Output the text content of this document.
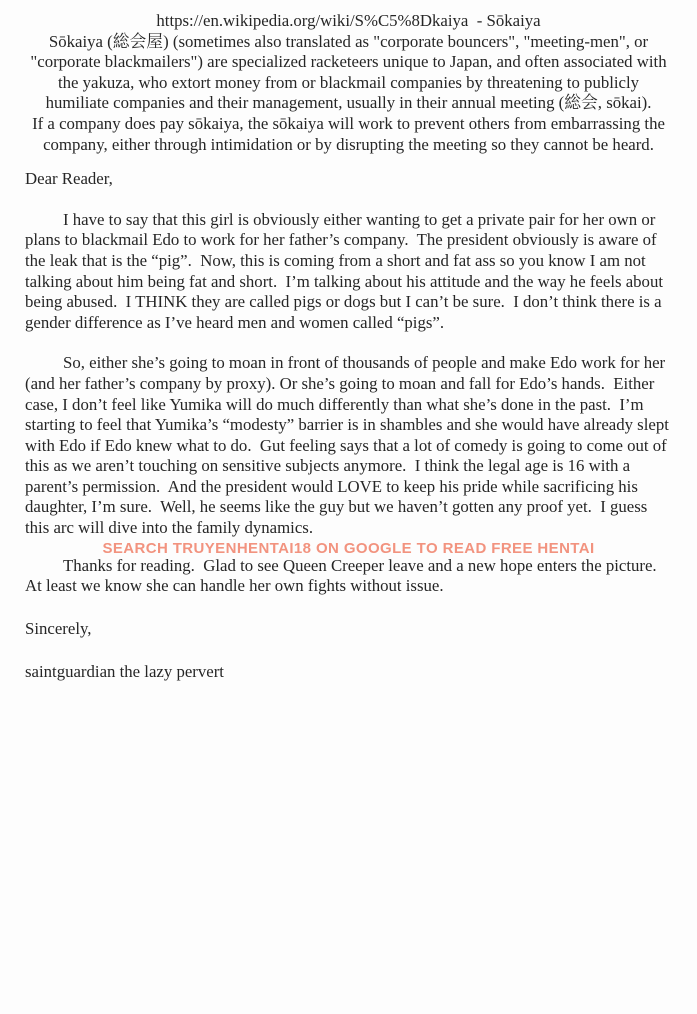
https://en.wikipedia.org/wiki/S%C5%8Dkaiya  - Sōkaiya

Sōkaiya (総会屋) (sometimes also translated as "corporate bouncers", "meeting-men", or "corporate blackmailers") are specialized racketeers unique to Japan, and often associated with the yakuza, who extort money from or blackmail companies by threatening to publicly humiliate companies and their management, usually in their annual meeting (総会, sōkai).

If a company does pay sōkaiya, the sōkaiya will work to prevent others from embarrassing the company, either through intimidation or by disrupting the meeting so they cannot be heard.

Dear Reader,

I have to say that this girl is obviously either wanting to get a private pair for her own or plans to blackmail Edo to work for her father’s company.  The president obviously is aware of the leak that is the “pig”.  Now, this is coming from a short and fat ass so you know I am not talking about him being fat and short.  I’m talking about his attitude and the way he feels about being abused.  I THINK they are called pigs or dogs but I can’t be sure.  I don’t think there is a gender difference as I’ve heard men and women called “pigs”.

So, either she’s going to moan in front of thousands of people and make Edo work for her (and her father’s company by proxy). Or she’s going to moan and fall for Edo’s hands.  Either case, I don’t feel like Yumika will do much differently than what she’s done in the past.  I’m starting to feel that Yumika’s “modesty” barrier is in shambles and she would have already slept with Edo if Edo knew what to do.  Gut feeling says that a lot of comedy is going to come out of this as we aren’t touching on sensitive subjects anymore.  I think the legal age is 16 with a parent’s permission.  And the president would LOVE to keep his pride while sacrificing his daughter, I’m sure.  Well, he seems like the guy but we haven’t gotten any proof yet.  I guess this arc will dive into the family dynamics.

SEARCH TRUYENHENTAI18 ON GOOGLE TO READ FREE HENTAI

Thanks for reading.  Glad to see Queen Creeper leave and a new hope enters the picture.  At least we know she can handle her own fights without issue.

Sincerely,

saintguardian the lazy pervert
